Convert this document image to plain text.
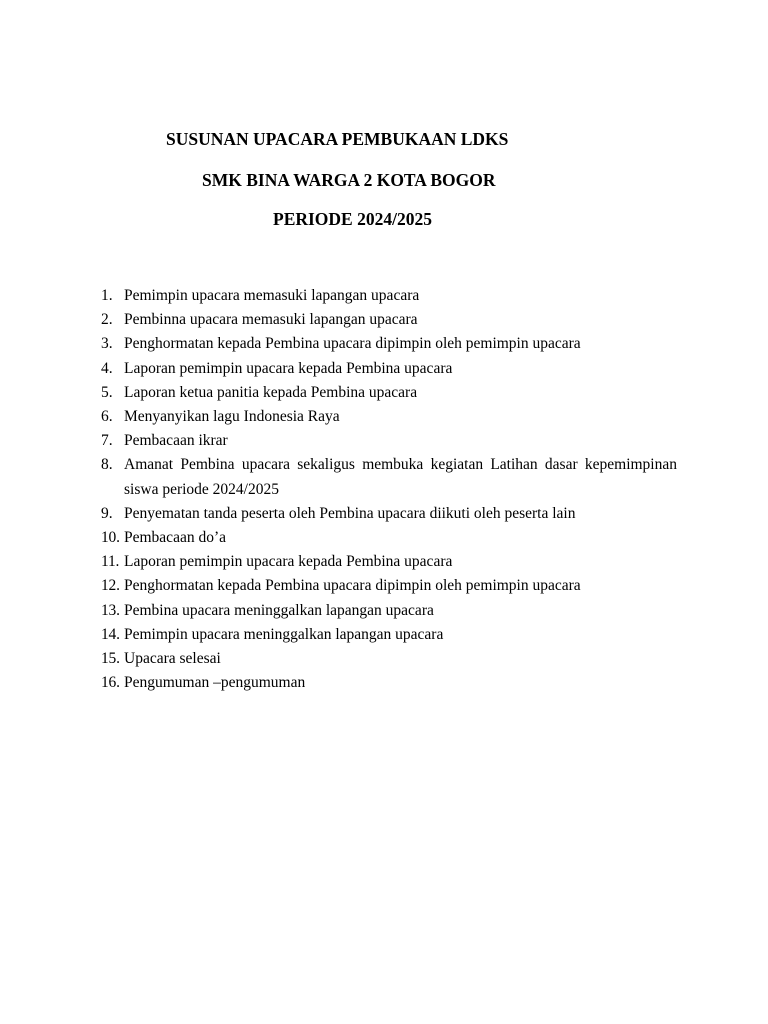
SUSUNAN UPACARA PEMBUKAAN LDKS
SMK BINA WARGA 2 KOTA BOGOR
PERIODE 2024/2025
1. Pemimpin upacara memasuki lapangan upacara
2. Pembinna upacara memasuki lapangan upacara
3. Penghormatan kepada Pembina upacara dipimpin oleh pemimpin upacara
4. Laporan pemimpin upacara kepada Pembina upacara
5. Laporan ketua panitia kepada Pembina upacara
6. Menyanyikan lagu Indonesia Raya
7. Pembacaan ikrar
8. Amanat Pembina upacara sekaligus membuka kegiatan Latihan dasar kepemimpinan siswa periode 2024/2025
9. Penyematan tanda peserta oleh Pembina upacara diikuti oleh peserta lain
10. Pembacaan do’a
11. Laporan pemimpin upacara kepada Pembina upacara
12. Penghormatan kepada Pembina upacara dipimpin oleh pemimpin upacara
13. Pembina upacara meninggalkan lapangan upacara
14. Pemimpin upacara meninggalkan lapangan upacara
15. Upacara selesai
16. Pengumuman –pengumuman
